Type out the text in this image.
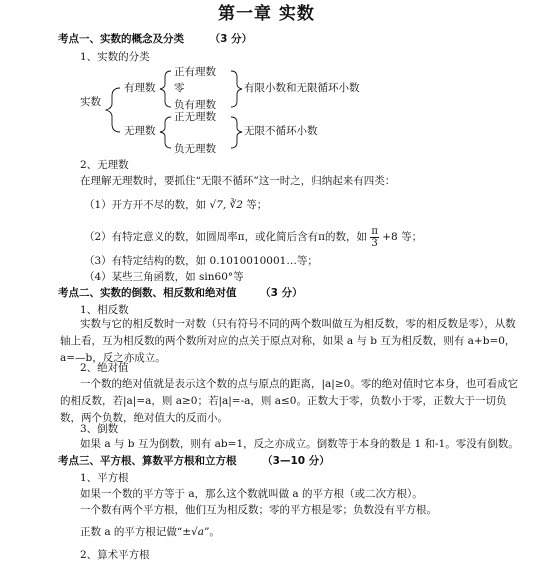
第一章 实数
考点一、实数的概念及分类 （3 分）
1、实数的分类
实数
有理数
无理数
正有理数
零
负有理数
正无理数
负无理数
有限小数和无限循环小数
无限不循环小数
2、无理数
在理解无理数时，要抓住“无限不循环”这一时之，归纳起来有四类：
（1）开方开不尽的数，如 √7, ∛2 等；
（2）有特定意义的数，如圆周率π，或化简后含有π的数，如 $\frac{\pi}{3} +8$ 等；
（3）有特定结构的数，如 0.1010010001…等；
（4）某些三角函数，如 sin60°等
考点二、实数的倒数、相反数和绝对值 （3 分）
1、相反数
实数与它的相反数时一对数（只有符号不同的两个数叫做互为相反数，零的相反数是零），从数轴上看，互为相反数的两个数所对应的点关于原点对称，如果 a 与 b 互为相反数，则有 a+b=0，a=—b，反之亦成立。
2、绝对值
一个数的绝对值就是表示这个数的点与原点的距离，|a|≥0。零的绝对值时它本身，也可看成它的相反数，若|a|=a，则 a≥0；若|a|=-a，则 a≤0。正数大于零，负数小于零，正数大于一切负数，两个负数，绝对值大的反而小。
3、倒数
如果 a 与 b 互为倒数，则有 ab=1，反之亦成立。倒数等于本身的数是 1 和-1。零没有倒数。
考点三、平方根、算数平方根和立方根 （3—10 分）
1、平方根
如果一个数的平方等于 a，那么这个数就叫做 a 的平方根（或二次方根）。
一个数有两个平方根，他们互为相反数；零的平方根是零；负数没有平方根。
正数 a 的平方根记做“±√a”。
2、算术平方根
